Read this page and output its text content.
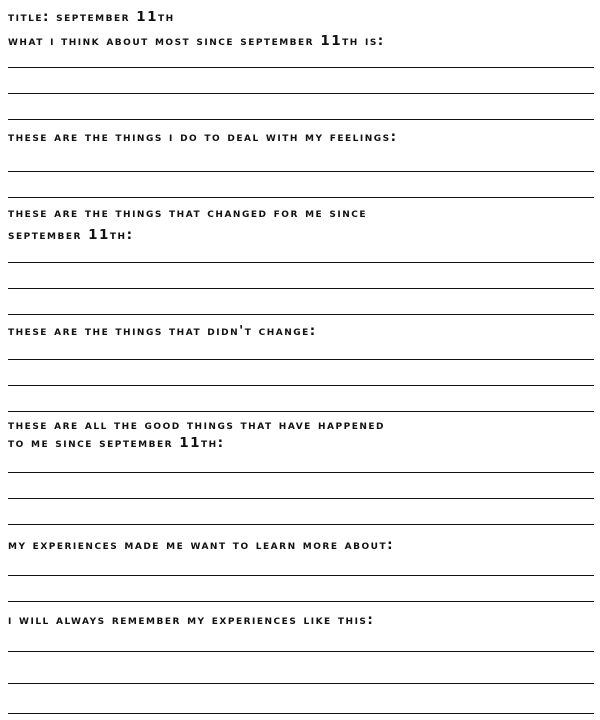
title: september 11th
what i think about most since september 11th is:
these are the things i do to deal with my feelings:
these are the things that changed for me since
september 11th:
these are the things that didn't change:
these are all the good things that have happened
to me since september 11th:
my experiences made me want to learn more about:
i will always remember my experiences like this:
